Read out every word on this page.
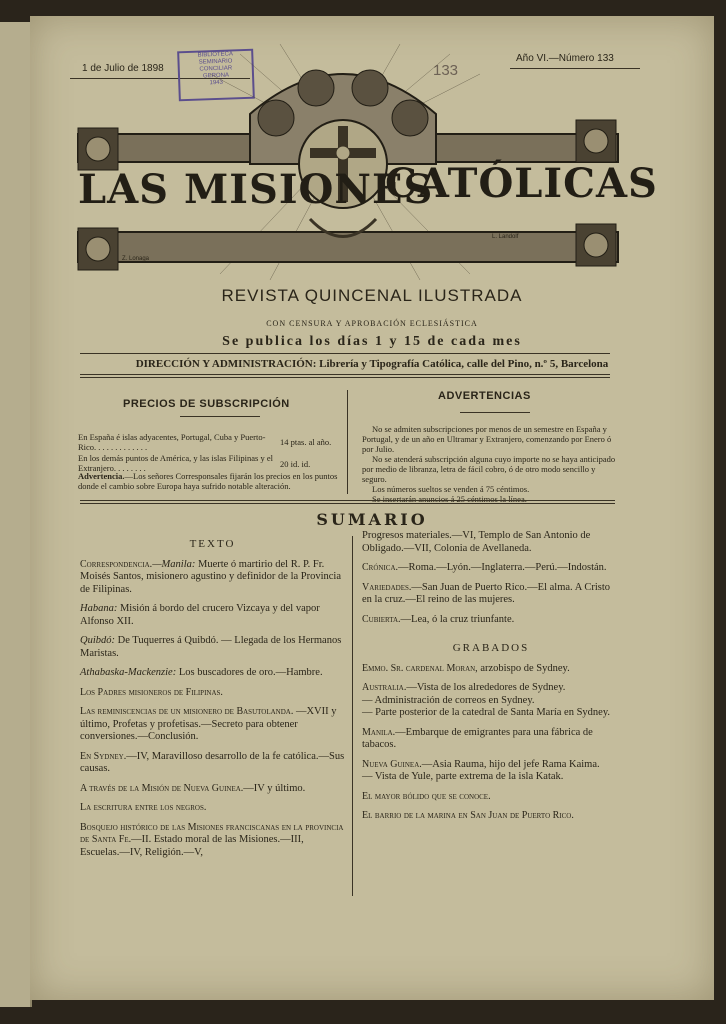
1 de Julio de 1898
Año VI.—Número 133
133
BIBLIOTECA
SEMINARIO
CONCILIAR
GERONA
1943
LAS MISIONES
CATÓLICAS
Z. Lonaga
L. Landolf
REVISTA QUINCENAL ILUSTRADA
CON CENSURA Y APROBACIÓN ECLESIÁSTICA
Se publica los días 1 y 15 de cada mes
DIRECCIÓN Y ADMINISTRACIÓN: Librería y Tipografía Católica, calle del Pino, n.º 5, Barcelona
PRECIOS DE SUBSCRIPCIÓN
En España é islas adyacentes, Portugal, Cuba y Puerto-Rico. . . . . . . . . . . . .	14 ptas. al año.
En los demás puntos de América, y las islas Filipinas y el Extranjero. . . . . . . .	20 id. id.
Advertencia.—Los señores Corresponsales fijarán los precios en los puntos donde el cambio sobre Europa haya sufrido notable alteración.
ADVERTENCIAS
No se admiten subscripciones por menos de un semestre en España y Portugal, y de un año en Ultramar y Extranjero, comenzando por Enero ó por Julio.
No se atenderá subscripción alguna cuyo importe no se haya anticipado por medio de libranza, letra de fácil cobro, ó de otro modo sencillo y seguro.
Los números sueltos se venden á 75 céntimos.
Se insertarán anuncios á 25 céntimos la línea.
SUMARIO
TEXTO
Correspondencia.—Manila: Muerte ó martirio del R. P. Fr. Moisés Santos, misionero agustino y definidor de la Provincia de Filipinas.
Habana: Misión á bordo del crucero Vizcaya y del vapor Alfonso XII.
Quibdó: De Tuquerres á Quibdó. — Llegada de los Hermanos Maristas.
Athabaska-Mackenzie: Los buscadores de oro.—Hambre.
Los Padres misioneros de Filipinas.
Las reminiscencias de un misionero de Basutolanda. —XVII y último, Profetas y profetisas.—Secreto para obtener conversiones.—Conclusión.
En Sydney.—IV, Maravilloso desarrollo de la fe católica.—Sus causas.
A través de la Misión de Nueva Guinea.—IV y último.
La escritura entre los negros.
Bosquejo histórico de las Misiones franciscanas en la provincia de Santa Fe.—II. Estado moral de las Misiones.—III, Escuelas.—IV, Religión.—V,
Progresos materiales.—VI, Templo de San Antonio de Obligado.—VII, Colonia de Avellaneda.
Crónica.—Roma.—Lyón.—Inglaterra.—Perú.—Indostán.
Variedades.—San Juan de Puerto Rico.—El alma. A Cristo en la cruz.—El reino de las mujeres.
Cubierta.—Lea, ó la cruz triunfante.
GRABADOS
Emmo. Sr. cardenal Moran, arzobispo de Sydney.
Australia.—Vista de los alrededores de Sydney.
— Administración de correos en Sydney.
— Parte posterior de la catedral de Santa María en Sydney.
Manila.—Embarque de emigrantes para una fábrica de tabacos.
Nueva Guinea.—Asia Rauma, hijo del jefe Rama Kaima.
— Vista de Yule, parte extrema de la isla Katak.
El mayor bólido que se conoce.
El barrio de la marina en San Juan de Puerto Rico.
